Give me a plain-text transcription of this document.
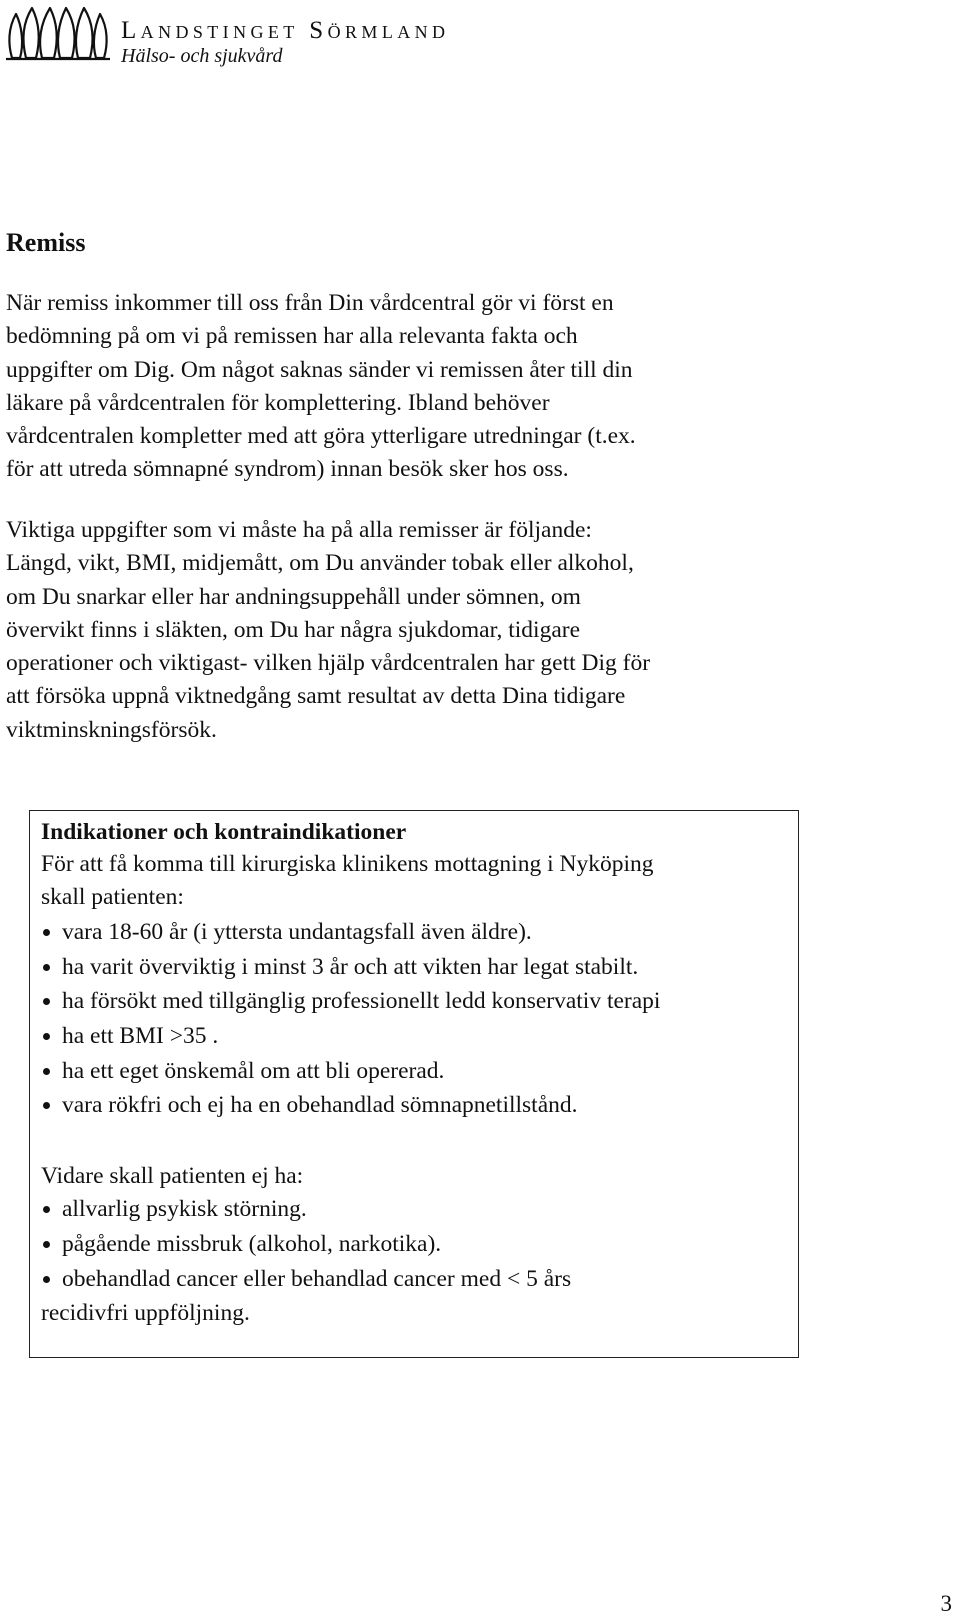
Landstinget Sörmland
Hälso- och sjukvård
Remiss

När remiss inkommer till oss från Din vårdcentral gör vi först en
bedömning på om vi på remissen har alla relevanta fakta och
uppgifter om Dig. Om något saknas sänder vi remissen åter till din
läkare på vårdcentralen för komplettering. Ibland behöver
vårdcentralen kompletter med att göra ytterligare utredningar (t.ex.
för att utreda sömnapné syndrom) innan besök sker hos oss.

Viktiga uppgifter som vi måste ha på alla remisser är följande:
Längd, vikt, BMI, midjemått, om Du använder tobak eller alkohol,
om Du snarkar eller har andningsuppehåll under sömnen, om
övervikt finns i släkten, om Du har några sjukdomar, tidigare
operationer och viktigast- vilken hjälp vårdcentralen har gett Dig för
att försöka uppnå viktnedgång samt resultat av detta Dina tidigare
viktminskningsförsök.

Indikationer och kontraindikationer
För att få komma till kirurgiska klinikens mottagning i Nyköping
skall patienten:
vara 18-60 år (i yttersta undantagsfall även äldre).
ha varit överviktig i minst 3 år och att vikten har legat stabilt.
ha försökt med tillgänglig professionellt ledd konservativ terapi
ha ett BMI >35 .
ha ett eget önskemål om att bli opererad.
vara rökfri och ej ha en obehandlad sömnapnetillstånd.
Vidare skall patienten ej ha:
allvarlig psykisk störning.
pågående missbruk (alkohol, narkotika).
obehandlad cancer eller behandlad cancer med < 5 års
recidivfri uppföljning.
3
